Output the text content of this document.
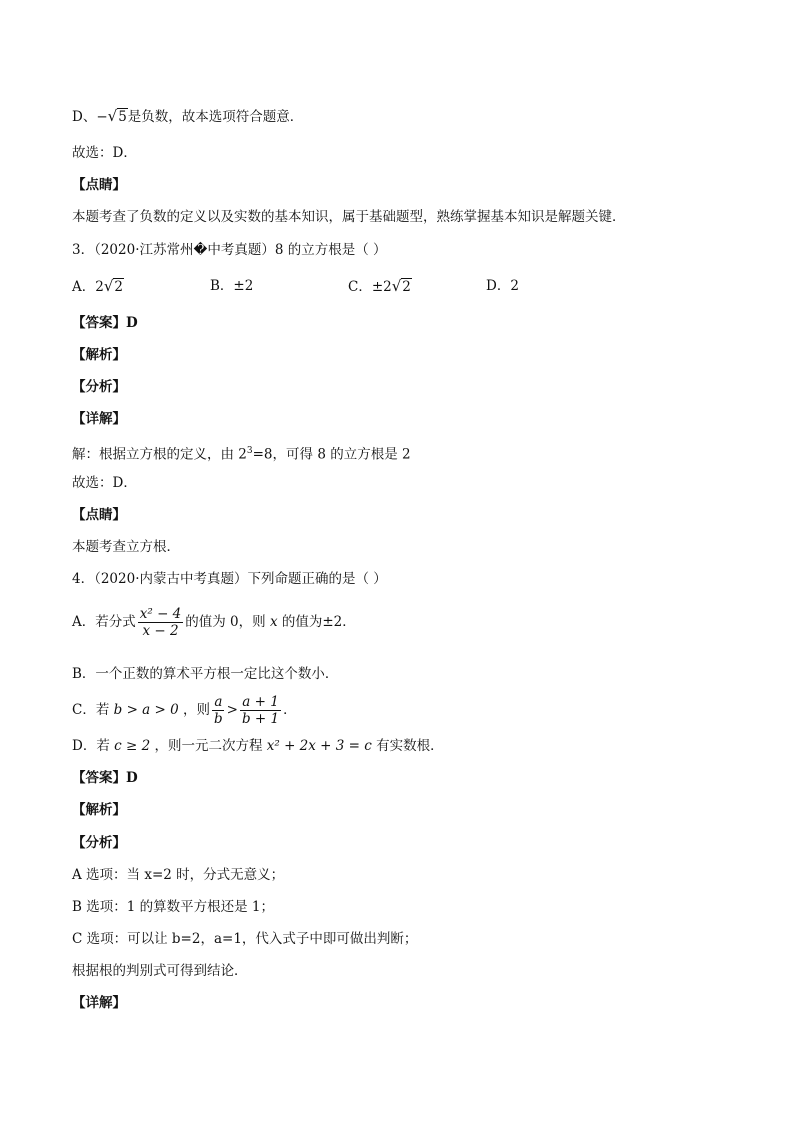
D、−√5是负数，故本选项符合题意．
故选：D．
【点睛】
本题考查了负数的定义以及实数的基本知识，属于基础题型，熟练掌握基本知识是解题关键．
3．（2020·江苏常州�中考真题）8 的立方根是（ ）
A．2√2	B．±2	C．±2√2	D．2
【答案】D
【解析】
【分析】
【详解】
解：根据立方根的定义，由 $2^3=8$，可得 8 的立方根是 2
故选：D．
【点睛】
本题考查立方根．
4．（2020·内蒙古中考真题）下列命题正确的是（ ）
A．若分式 $\frac{\text{x² − 4}}{x - 2}$ 的值为 0，则 x 的值为±2．
B．一个正数的算术平方根一定比这个数小．
C．若 b > a > 0 ，则 $\frac{a}{b} > \frac{a + 1}{b + 1}$ ．
D．若 c ≥ 2 ，则一元二次方程 x² + 2x + 3 = c 有实数根．
【答案】D
【解析】
【分析】
A 选项：当 x=2 时，分式无意义；
B 选项：1 的算数平方根还是 1；
C 选项：可以让 b=2，a=1，代入式子中即可做出判断；
根据根的判别式可得到结论．
【详解】
